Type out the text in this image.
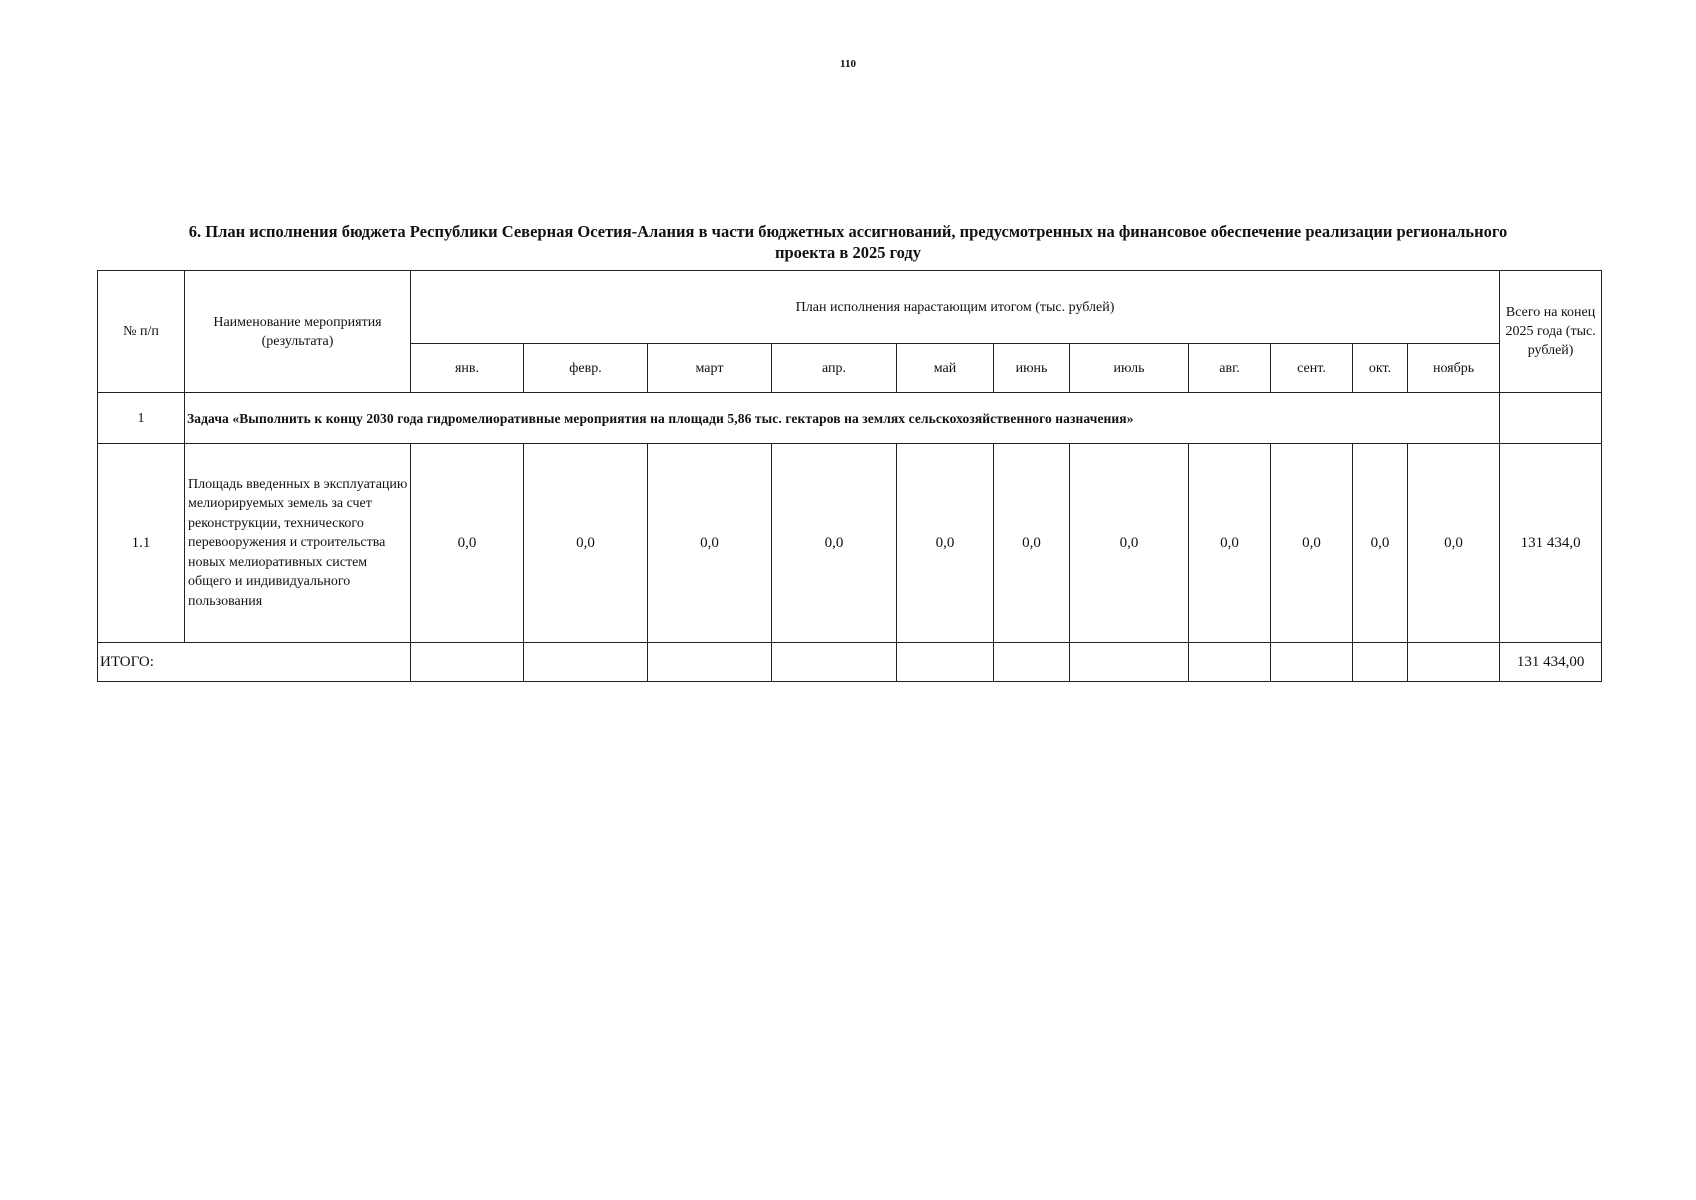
110
6. План исполнения бюджета Республики Северная Осетия-Алания в части бюджетных ассигнований, предусмотренных на финансовое обеспечение реализации регионального
проекта в 2025 году
№ п/п	Наименование мероприятия (результата)	План исполнения нарастающим итогом (тыс. рублей)											Всего на конец 2025 года (тыс. рублей)
		янв.	февр.	март	апр.	май	июнь	июль	авг.	сент.	окт.	ноябрь	
1	Задача «Выполнить к концу 2030 года гидромелиоративные мероприятия на площади 5,86 тыс. гектаров на землях сельскохозяйственного назначения»												
1.1	Площадь введенных в эксплуатацию мелиорируемых земель за счет реконструкции, технического перевооружения и строительства новых мелиоративных систем общего и индивидуального пользования	0,0	0,0	0,0	0,0	0,0	0,0	0,0	0,0	0,0	0,0	0,0	131 434,0
ИТОГО:													131 434,00
